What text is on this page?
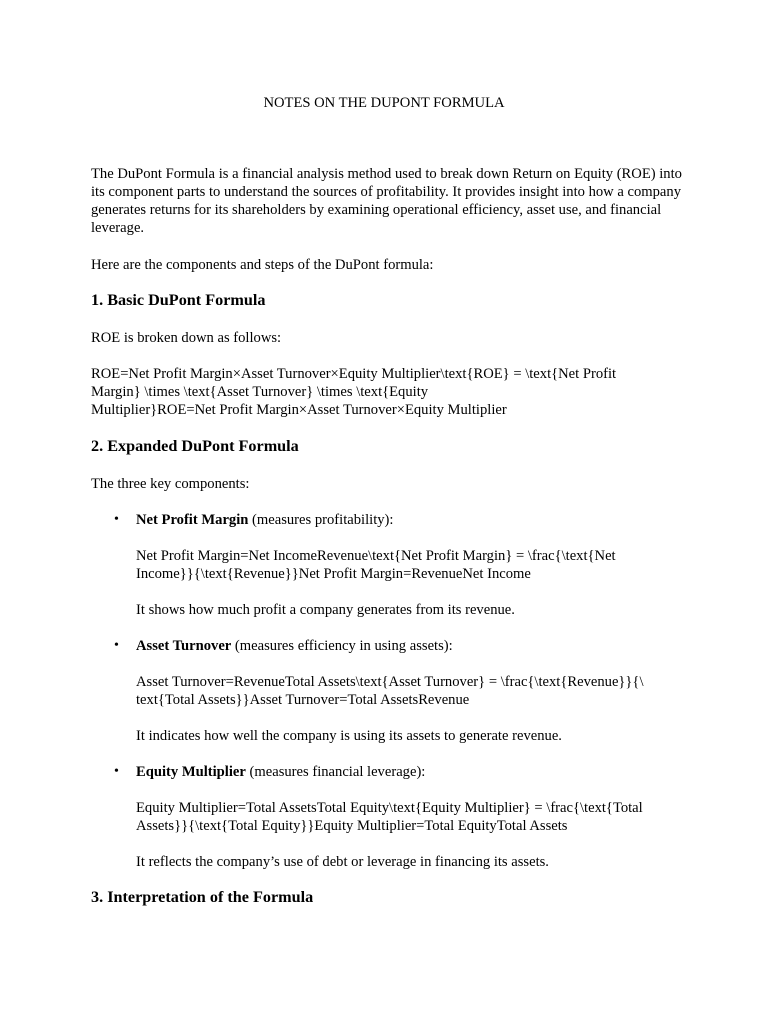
NOTES ON THE DUPONT FORMULA

The DuPont Formula is a financial analysis method used to break down Return on Equity (ROE) into its component parts to understand the sources of profitability. It provides insight into how a company generates returns for its shareholders by examining operational efficiency, asset use, and financial leverage.

Here are the components and steps of the DuPont formula:

1. Basic DuPont Formula

ROE is broken down as follows:

ROE=Net Profit Margin×Asset Turnover×Equity Multiplier\text{ROE} = \text{Net Profit
Margin} \times \text{Asset Turnover} \times \text{Equity
Multiplier}ROE=Net Profit Margin×Asset Turnover×Equity Multiplier
2. Expanded DuPont Formula

The three key components:

• Net Profit Margin (measures profitability):

Net Profit Margin=Net IncomeRevenue\text{Net Profit Margin} = \frac{\text{Net
Income}}{\text{Revenue}}Net Profit Margin=RevenueNet Income

It shows how much profit a company generates from its revenue.

• Asset Turnover (measures efficiency in using assets):

Asset Turnover=RevenueTotal Assets\text{Asset Turnover} = \frac{\text{Revenue}}{\
text{Total Assets}}Asset Turnover=Total AssetsRevenue

It indicates how well the company is using its assets to generate revenue.

• Equity Multiplier (measures financial leverage):

Equity Multiplier=Total AssetsTotal Equity\text{Equity Multiplier} = \frac{\text{Total
Assets}}{\text{Total Equity}}Equity Multiplier=Total EquityTotal Assets

It reflects the company’s use of debt or leverage in financing its assets.

3. Interpretation of the Formula
